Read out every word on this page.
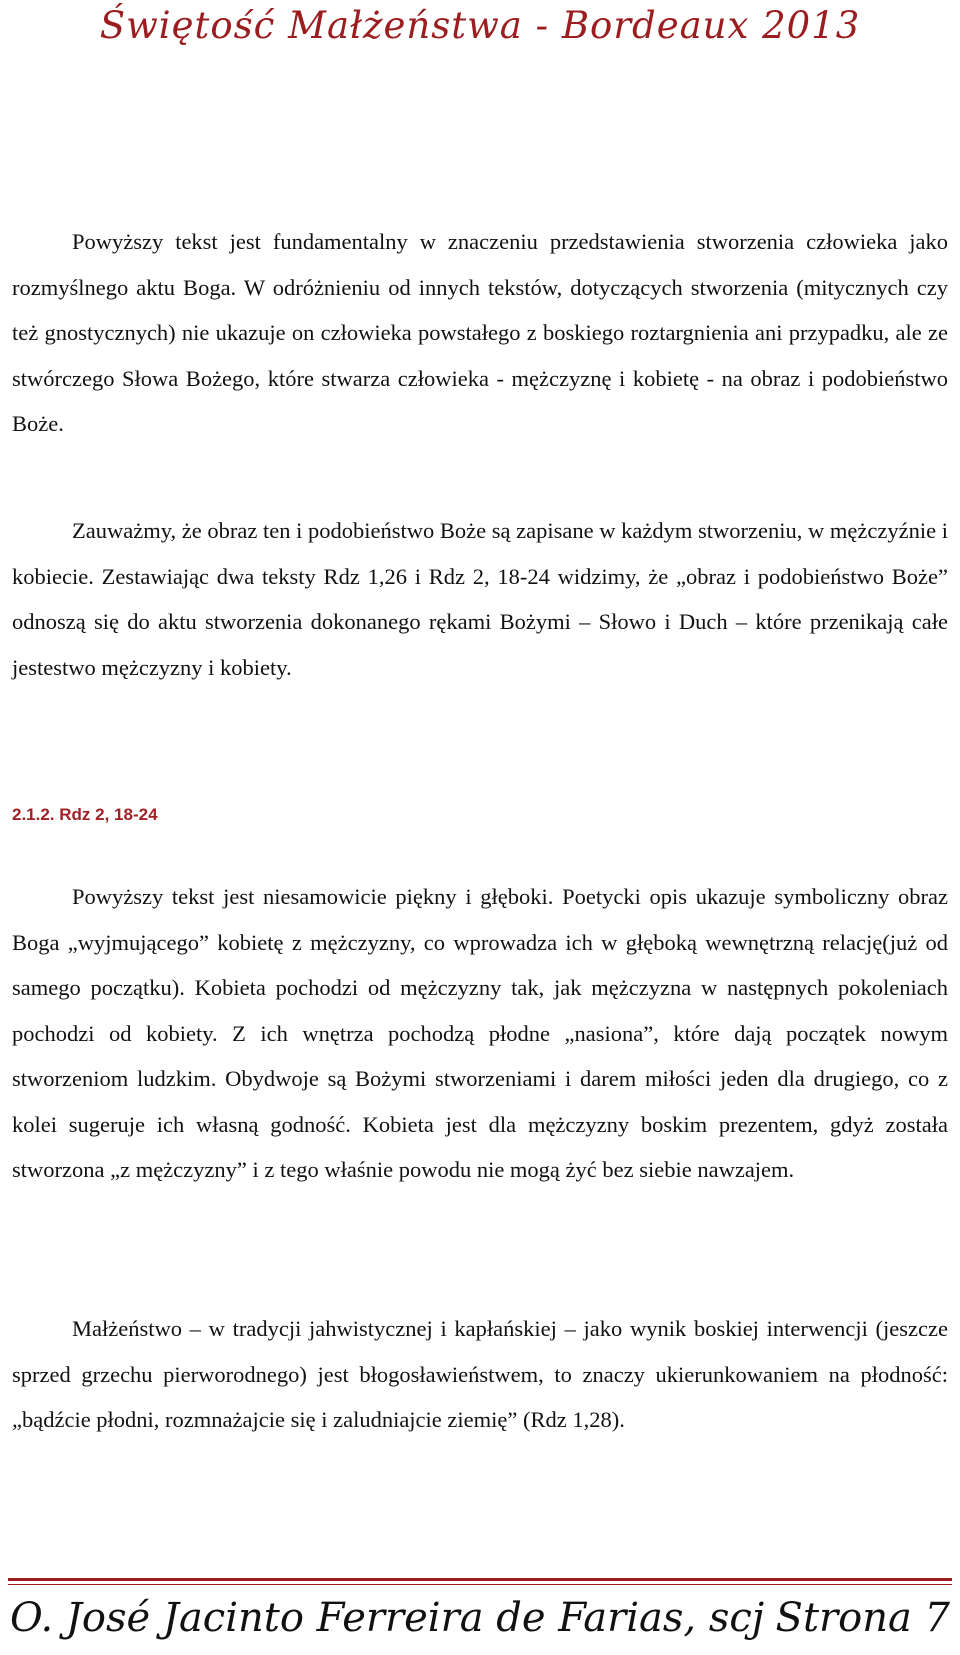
Świętość Małżeństwa - Bordeaux 2013

Powyższy tekst jest fundamentalny w znaczeniu przedstawienia stworzenia człowieka jako rozmyślnego aktu Boga. W odróżnieniu od innych tekstów, dotyczących stworzenia (mitycznych czy też gnostycznych) nie ukazuje on człowieka powstałego z boskiego roztargnienia ani przypadku, ale ze stwórczego Słowa Bożego, które stwarza człowieka - mężczyznę i kobietę - na obraz i podobieństwo Boże.

Zauważmy, że obraz ten i podobieństwo Boże są zapisane w każdym stworzeniu, w mężczyźnie i kobiecie. Zestawiając dwa teksty Rdz 1,26 i Rdz 2, 18-24 widzimy, że „obraz i podobieństwo Boże” odnoszą się do aktu stworzenia dokonanego rękami Bożymi – Słowo i Duch – które przenikają całe jestestwo mężczyzny i kobiety.

2.1.2. Rdz 2, 18-24

Powyższy tekst jest niesamowicie piękny i głęboki. Poetycki opis ukazuje symboliczny obraz Boga „wyjmującego” kobietę z mężczyzny, co wprowadza ich w głęboką wewnętrzną relację(już od samego początku). Kobieta pochodzi od mężczyzny tak, jak mężczyzna w następnych pokoleniach pochodzi od kobiety. Z ich wnętrza pochodzą płodne „nasiona”, które dają początek nowym stworzeniom ludzkim. Obydwoje są Bożymi stworzeniami i darem miłości jeden dla drugiego, co z kolei sugeruje ich własną godność. Kobieta jest dla mężczyzny boskim prezentem, gdyż została stworzona „z mężczyzny” i z tego właśnie powodu nie mogą żyć bez siebie nawzajem.

Małżeństwo – w tradycji jahwistycznej i kapłańskiej – jako wynik boskiej interwencji (jeszcze sprzed grzechu pierworodnego) jest błogosławieństwem, to znaczy ukierunkowaniem na płodność: „bądźcie płodni, rozmnażajcie się i zaludniajcie ziemię” (Rdz 1,28).

O. José Jacinto Ferreira de Farias, scj Strona 7
